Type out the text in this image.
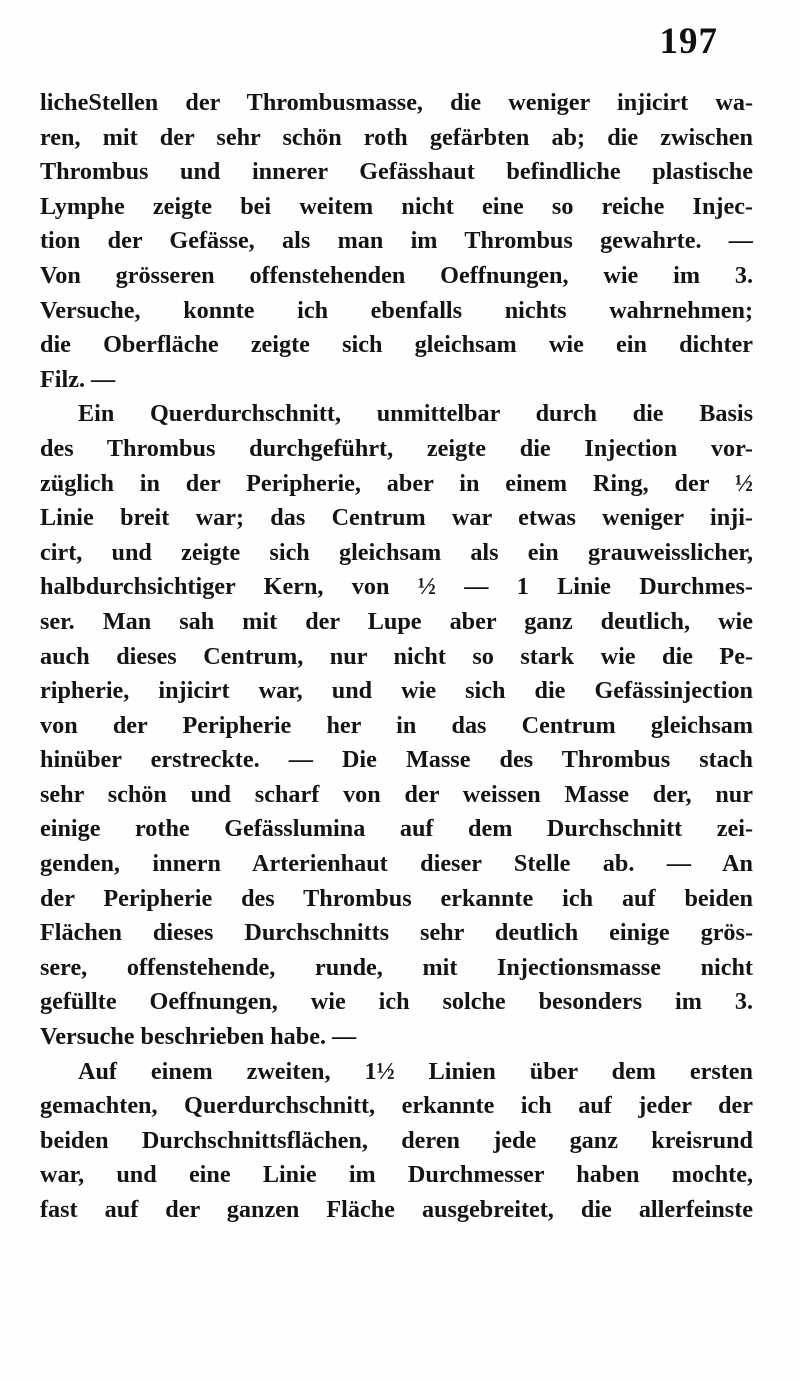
197
licheStellen der Thrombusmasse, die weniger injicirt wa-
ren, mit der sehr schön roth gefärbten ab; die zwischen
Thrombus und innerer Gefässhaut befindliche plastische
Lymphe zeigte bei weitem nicht eine so reiche Injec-
tion der Gefässe, als man im Thrombus gewahrte. —
Von grösseren offenstehenden Oeffnungen, wie im 3.
Versuche, konnte ich ebenfalls nichts wahrnehmen;
die Oberfläche zeigte sich gleichsam wie ein dichter
Filz. —
Ein Querdurchschnitt, unmittelbar durch die Basis
des Thrombus durchgeführt, zeigte die Injection vor-
züglich in der Peripherie, aber in einem Ring, der ½
Linie breit war; das Centrum war etwas weniger inji-
cirt, und zeigte sich gleichsam als ein grauweisslicher,
halbdurchsichtiger Kern, von ½ — 1 Linie Durchmes-
ser. Man sah mit der Lupe aber ganz deutlich, wie
auch dieses Centrum, nur nicht so stark wie die Pe-
ripherie, injicirt war, und wie sich die Gefässinjection
von der Peripherie her in das Centrum gleichsam
hinüber erstreckte. — Die Masse des Thrombus stach
sehr schön und scharf von der weissen Masse der, nur
einige rothe Gefässlumina auf dem Durchschnitt zei-
genden, innern Arterienhaut dieser Stelle ab. — An
der Peripherie des Thrombus erkannte ich auf beiden
Flächen dieses Durchschnitts sehr deutlich einige grös-
sere, offenstehende, runde, mit Injectionsmasse nicht
gefüllte Oeffnungen, wie ich solche besonders im 3.
Versuche beschrieben habe. —
Auf einem zweiten, 1½ Linien über dem ersten
gemachten, Querdurchschnitt, erkannte ich auf jeder der
beiden Durchschnittsflächen, deren jede ganz kreisrund
war, und eine Linie im Durchmesser haben mochte,
fast auf der ganzen Fläche ausgebreitet, die allerfeinste
